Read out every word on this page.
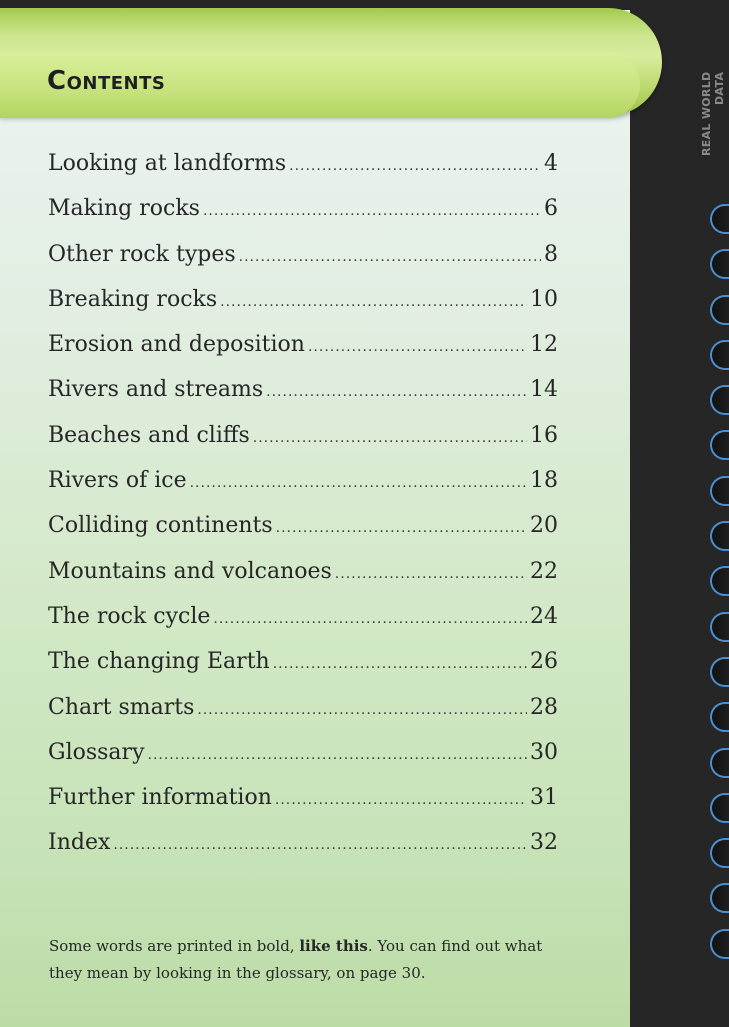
Contents
Looking at landforms .....	4
Making rocks .....	6
Other rock types .....	8
Breaking rocks .....	10
Erosion and deposition .....	12
Rivers and streams .....	14
Beaches and cliffs .....	16
Rivers of ice .....	18
Colliding continents .....	20
Mountains and volcanoes .....	22
The rock cycle .....	24
The changing Earth .....	26
Chart smarts .....	28
Glossary .....	30
Further information .....	31
Index .....	32

Some words are printed in bold, like this. You can find out what they mean by looking in the glossary, on page 30.

REAL WORLD DATA
